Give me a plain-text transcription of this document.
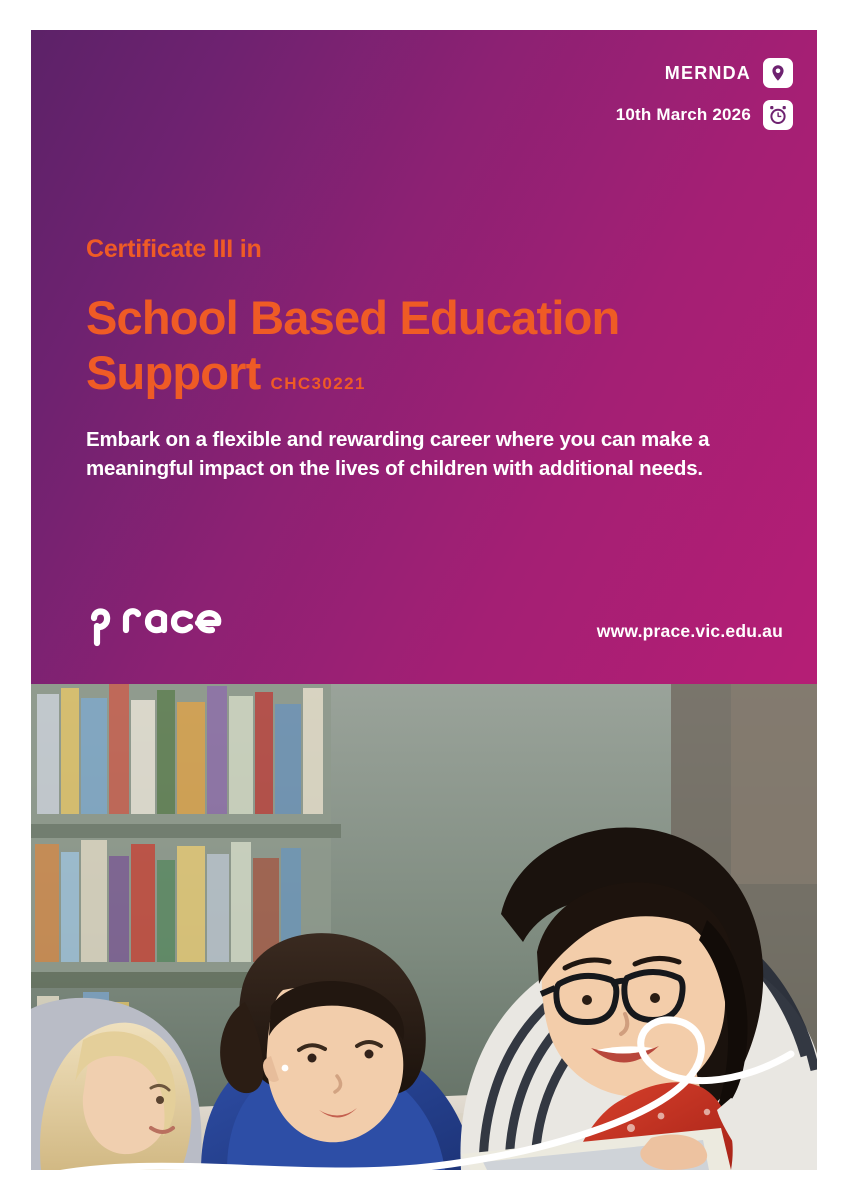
MERNDA
10th March 2026

Certificate III in

School Based Education Support CHC30221

Embark on a flexible and rewarding career where you can make a meaningful impact on the lives of children with additional needs.

www.prace.vic.edu.au
